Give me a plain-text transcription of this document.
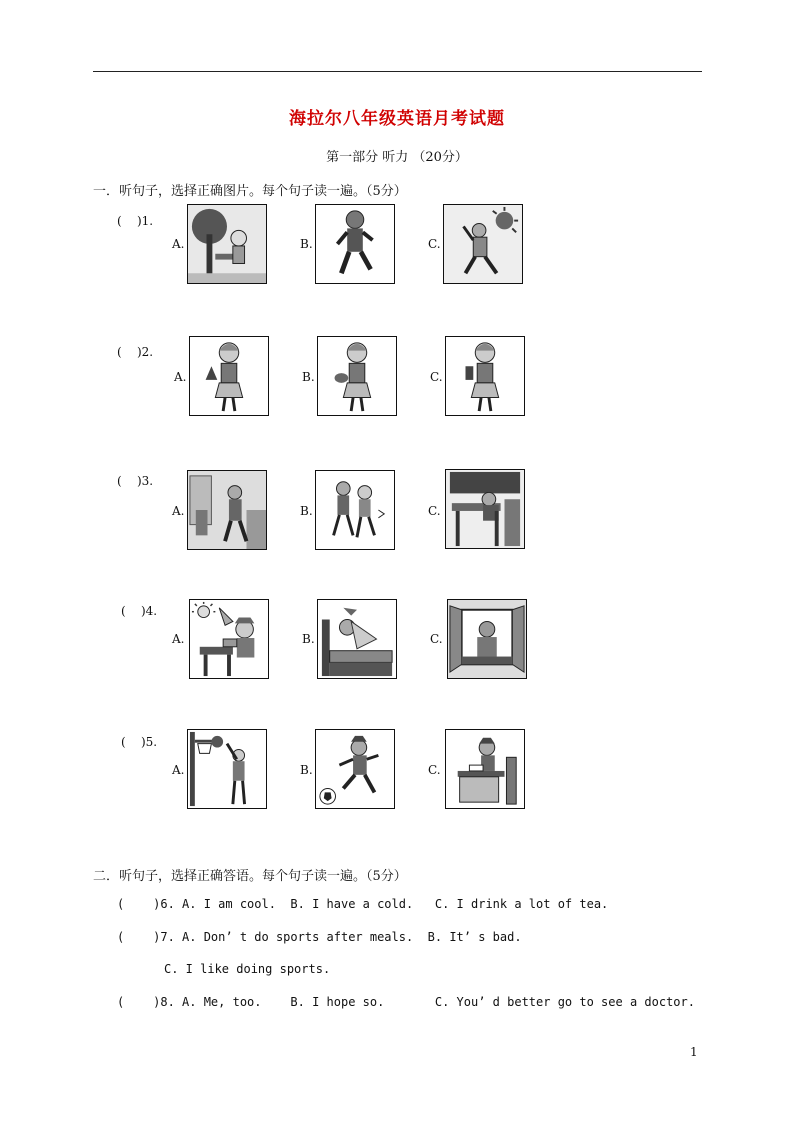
海拉尔八年级英语月考试题
第一部分 听力 （20分）
一．听句子，选择正确图片。每个句子读一遍。（5分）
(    )1.
A.	B.	C.
(    )2.
A.	B.	C.
(    )3.
A.	B.	C.
(    )4.
A.	B.	C.
(    )5.
A.	B.	C.
二．听句子，选择正确答语。每个句子读一遍。（5分）
(    )6. A. I am cool.  B. I have a cold.   C. I drink a lot of tea.
(    )7. A. Don’ t do sports after meals.  B. It’ s bad.
C. I like doing sports.
(    )8. A. Me, too.    B. I hope so.       C. You’ d better go to see a doctor.
1
